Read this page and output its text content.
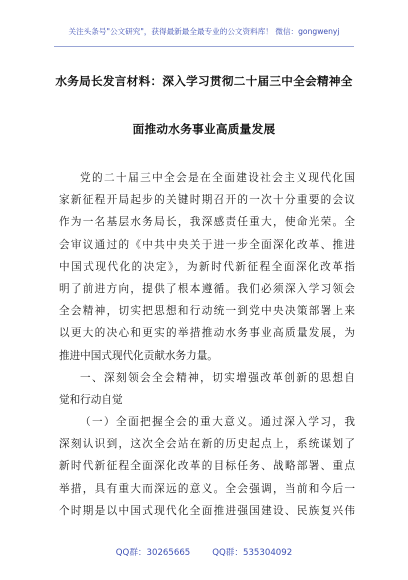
关注头条号"公文研究"，获得最新最全最专业的公文资料库！ 微信：gongwenyj
水务局长发言材料：深入学习贯彻二十届三中全会精神全
面推动水务事业高质量发展
党的二十届三中全会是在全面建设社会主义现代化国
家新征程开局起步的关键时期召开的一次十分重要的会议
作为一名基层水务局长，我深感责任重大，使命光荣。全
会审议通过的《中共中央关于进一步全面深化改革、推进
中国式现代化的决定》，为新时代新征程全面深化改革指
明了前进方向，提供了根本遵循。我们必须深入学习领会
全会精神，切实把思想和行动统一到党中央决策部署上来
以更大的决心和更实的举措推动水务事业高质量发展，为
推进中国式现代化贡献水务力量。
一、深刻领会全会精神，切实增强改革创新的思想自
觉和行动自觉
（一）全面把握全会的重大意义。通过深入学习，我
深刻认识到，这次全会站在新的历史起点上，系统谋划了
新时代新征程全面深化改革的目标任务、战略部署、重点
举措，具有重大而深远的意义。全会强调，当前和今后一
个时期是以中国式现代化全面推进强国建设、民族复兴伟
QQ群：30265665	QQ群：535304092
